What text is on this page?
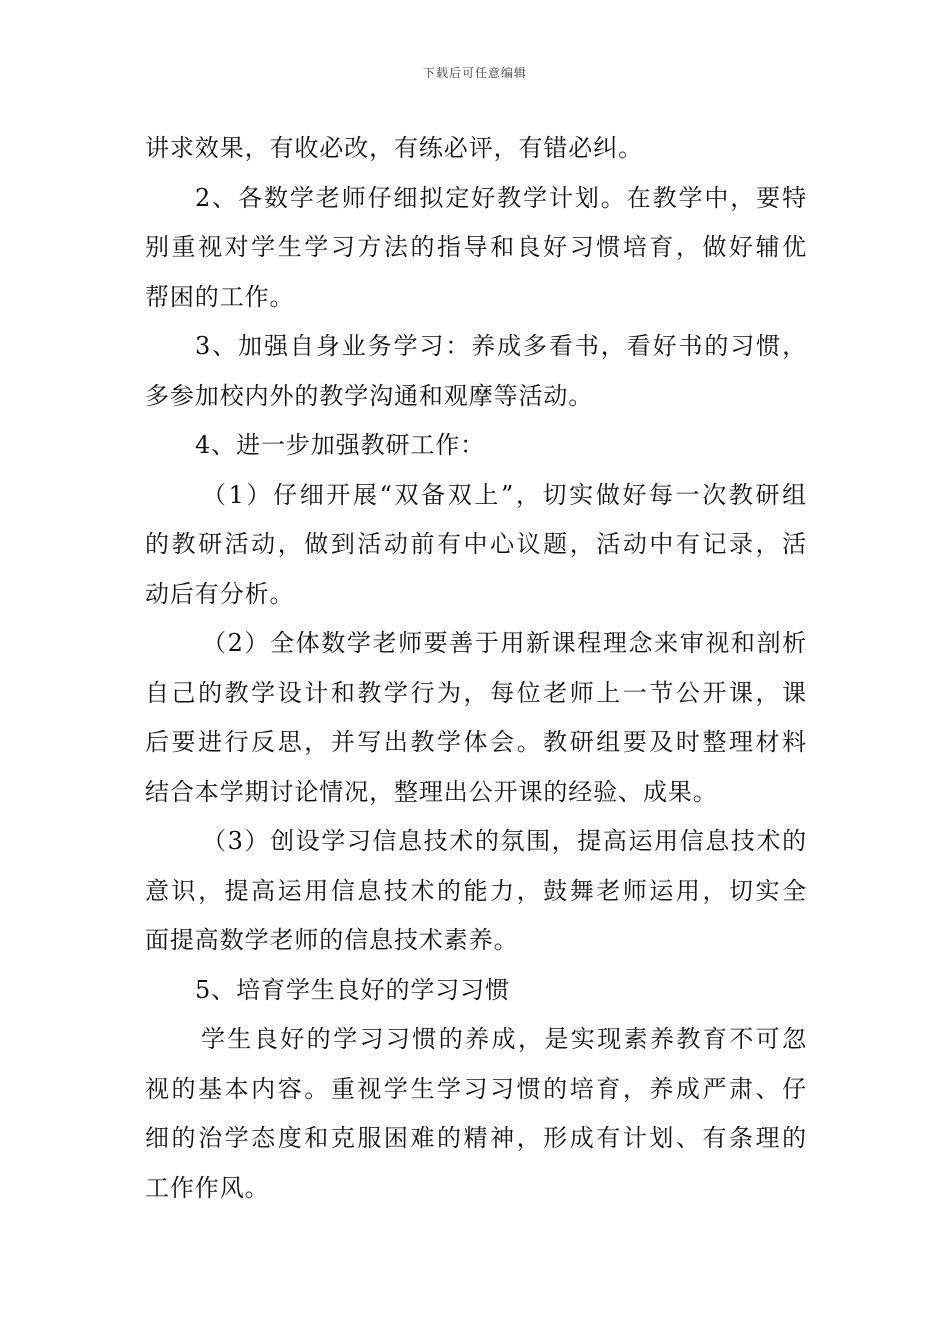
下载后可任意编辑
讲求效果，有收必改，有练必评，有错必纠。
2、各数学老师仔细拟定好教学计划。在教学中，要特
别重视对学生学习方法的指导和良好习惯培育，做好辅优
帮困的工作。
3、加强自身业务学习：养成多看书，看好书的习惯，
多参加校内外的教学沟通和观摩等活动。
4、进一步加强教研工作：
（1）仔细开展“双备双上”，切实做好每一次教研组
的教研活动，做到活动前有中心议题，活动中有记录，活
动后有分析。
（2）全体数学老师要善于用新课程理念来审视和剖析
自己的教学设计和教学行为，每位老师上一节公开课，课
后要进行反思，并写出教学体会。教研组要及时整理材料
结合本学期讨论情况，整理出公开课的经验、成果。
（3）创设学习信息技术的氛围，提高运用信息技术的
意识，提高运用信息技术的能力，鼓舞老师运用，切实全
面提高数学老师的信息技术素养。
5、培育学生良好的学习习惯
学生良好的学习习惯的养成，是实现素养教育不可忽
视的基本内容。重视学生学习习惯的培育，养成严肃、仔
细的治学态度和克服困难的精神，形成有计划、有条理的
工作作风。
